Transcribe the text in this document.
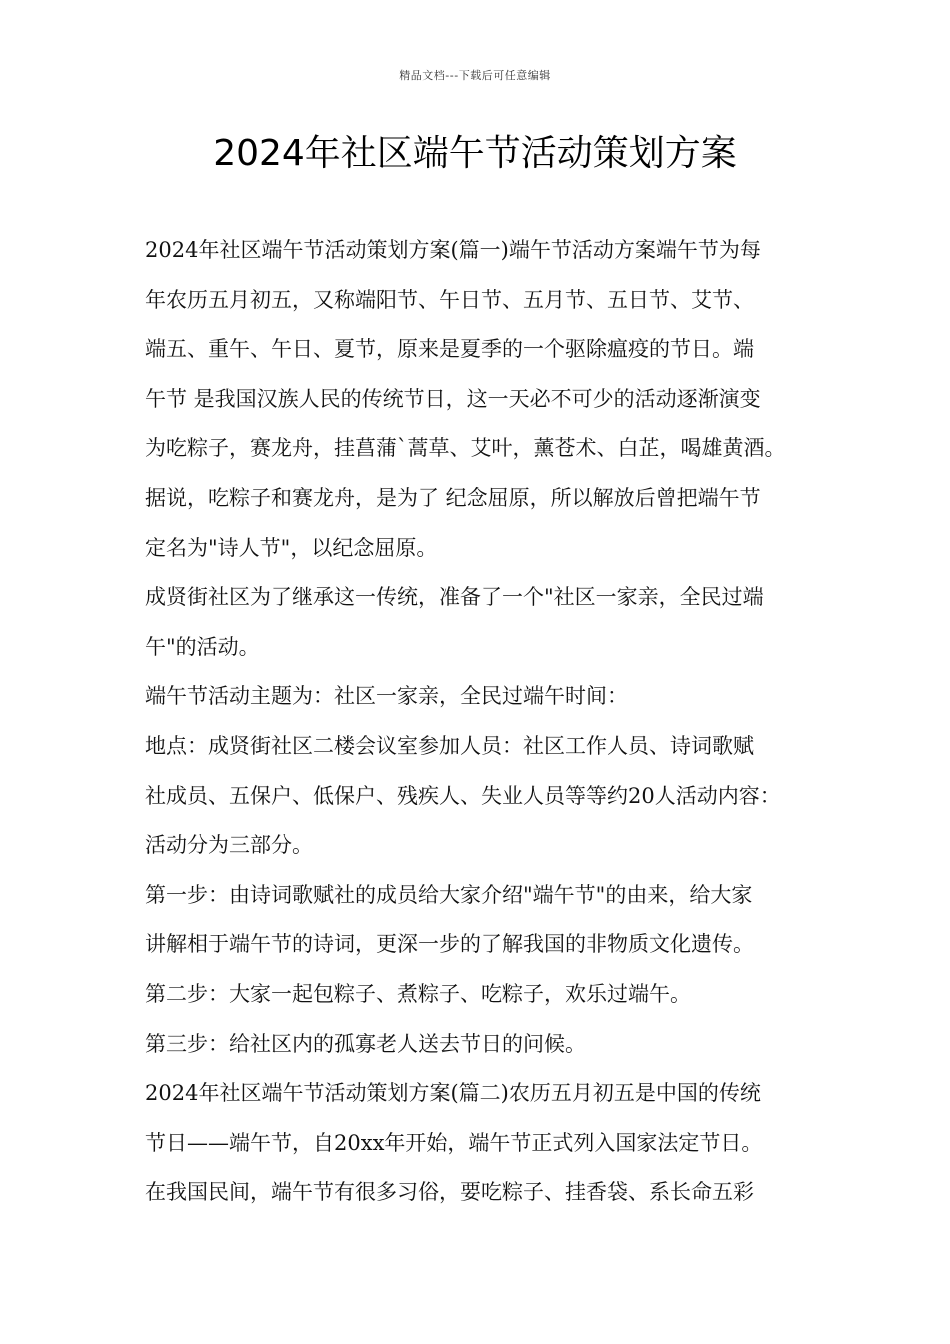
精品文档---下载后可任意编辑
2024年社区端午节活动策划方案
2024年社区端午节活动策划方案(篇一)端午节活动方案端午节为每
年农历五月初五，又称端阳节、午日节、五月节、五日节、艾节、
端五、重午、午日、夏节，原来是夏季的一个驱除瘟疫的节日。端
午节 是我国汉族人民的传统节日，这一天必不可少的活动逐渐演变
为吃粽子，赛龙舟，挂菖蒲`蒿草、艾叶，薰苍术、白芷，喝雄黄酒。
据说，吃粽子和赛龙舟，是为了 纪念屈原，所以解放后曾把端午节
定名为"诗人节"，以纪念屈原。
成贤街社区为了继承这一传统，准备了一个"社区一家亲，全民过端
午"的活动。
端午节活动主题为：社区一家亲，全民过端午时间：
地点：成贤街社区二楼会议室参加人员：社区工作人员、诗词歌赋
社成员、五保户、低保户、残疾人、失业人员等等约20人活动内容：
活动分为三部分。
第一步：由诗词歌赋社的成员给大家介绍"端午节"的由来，给大家
讲解相于端午节的诗词，更深一步的了解我国的非物质文化遗传。
第二步：大家一起包粽子、煮粽子、吃粽子，欢乐过端午。
第三步：给社区内的孤寡老人送去节日的问候。
2024年社区端午节活动策划方案(篇二)农历五月初五是中国的传统
节日——端午节，自20xx年开始，端午节正式列入国家法定节日。
在我国民间，端午节有很多习俗，要吃粽子、挂香袋、系长命五彩
